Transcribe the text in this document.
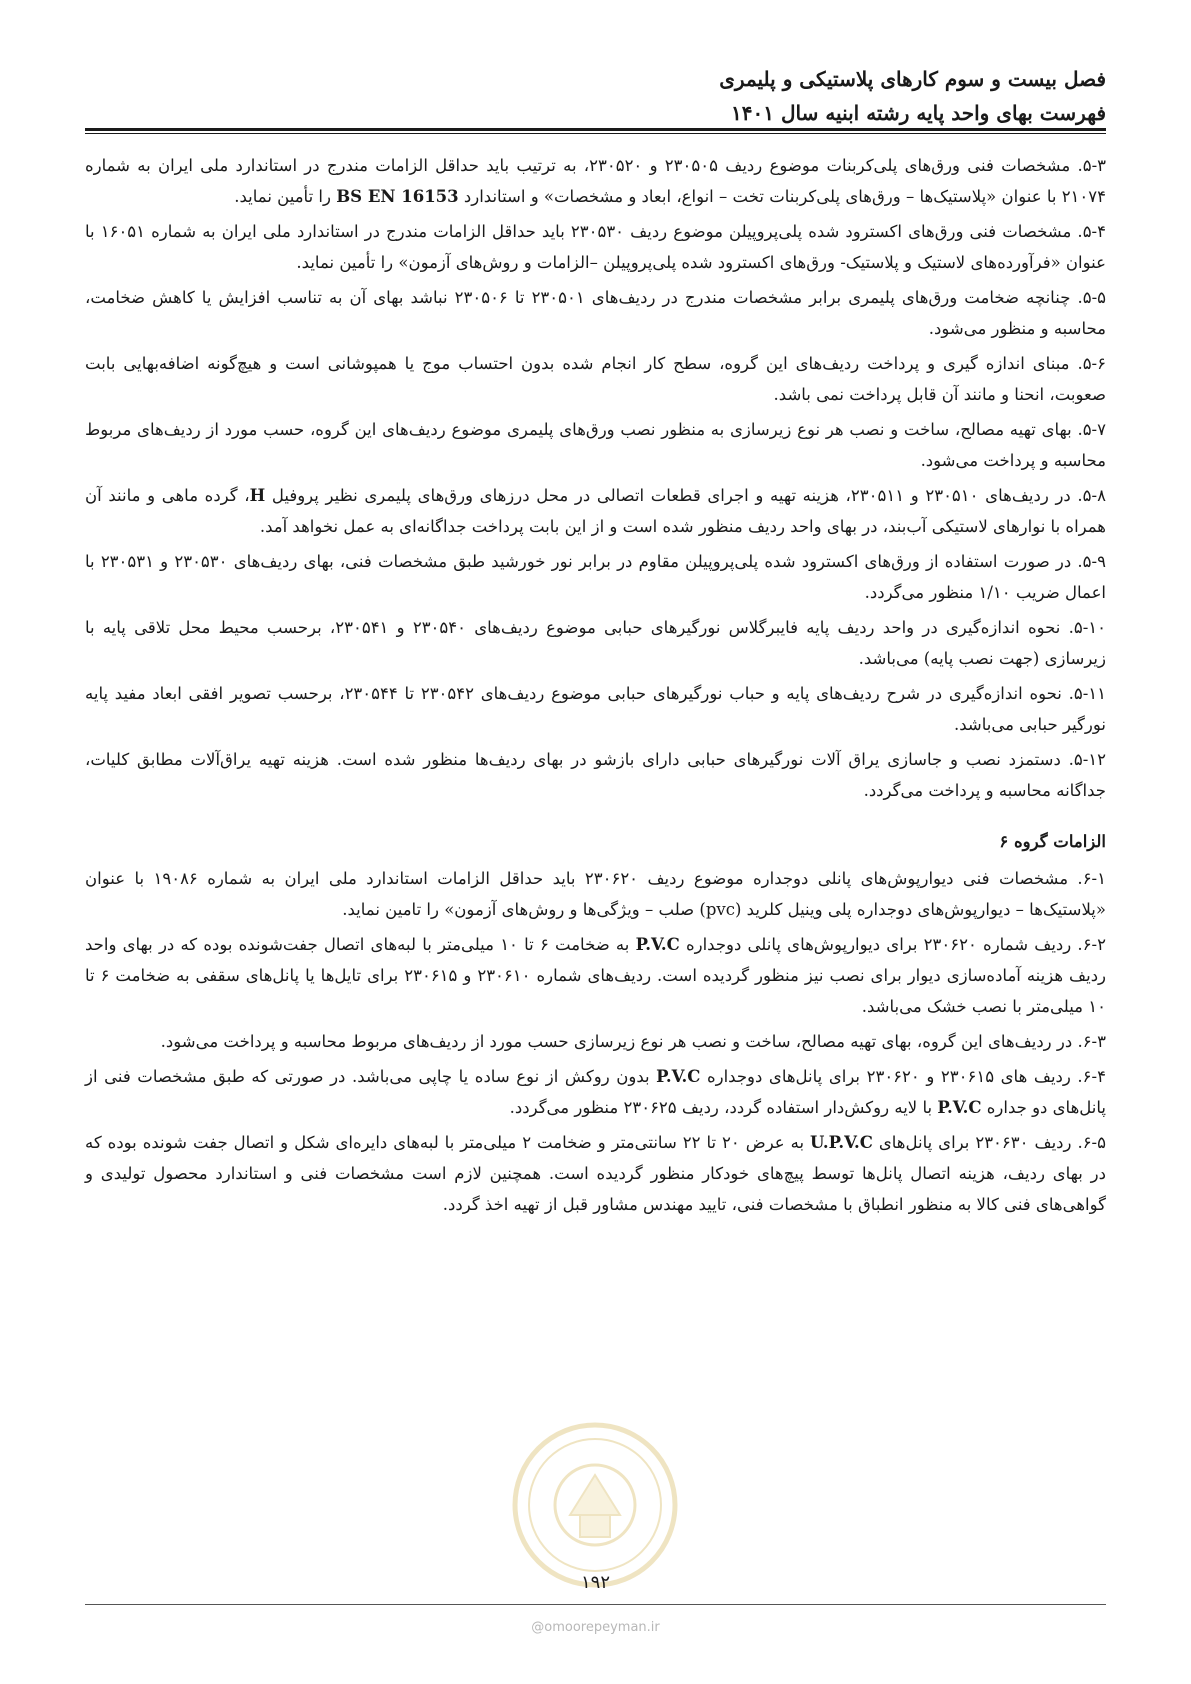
فصل بیست و سوم کارهای پلاستیکی و پلیمری
فهرست بهای واحد پایه رشته ابنیه سال ۱۴۰۱

۵-۳. مشخصات فنی ورق‌های پلی‌کربنات موضوع ردیف ۲۳۰۵۰۵ و ۲۳۰۵۲۰، به ترتیب باید حداقل الزامات مندرج در استاندارد ملی ایران به شماره ۲۱۰۷۴ با عنوان «پلاستیک‌ها – ورق‌های پلی‌کربنات تخت – انواع، ابعاد و مشخصات» و استاندارد BS EN 16153 را تأمین نماید.

۵-۴. مشخصات فنی ورق‌های اکسترود شده پلی‌پروپیلن موضوع ردیف ۲۳۰۵۳۰ باید حداقل الزامات مندرج در استاندارد ملی ایران به شماره ۱۶۰۵۱ با عنوان «فرآورده‌های لاستیک و پلاستیک- ورق‌های اکسترود شده پلی‌پروپیلن –الزامات و روش‌های آزمون» را تأمین نماید.

۵-۵. چنانچه ضخامت ورق‌های پلیمری برابر مشخصات مندرج در ردیف‌های ۲۳۰۵۰۱ تا ۲۳۰۵۰۶ نباشد بهای آن به تناسب افزایش یا کاهش ضخامت، محاسبه و منظور می‌شود.

۵-۶. مبنای اندازه گیری و پرداخت ردیف‌های این گروه، سطح کار انجام شده بدون احتساب موج یا همپوشانی است و هیچ‌گونه اضافه‌بهایی بابت صعوبت، انحنا و مانند آن قابل پرداخت نمی باشد.

۵-۷. بهای تهیه مصالح، ساخت و نصب هر نوع زیرسازی به منظور نصب ورق‌های پلیمری موضوع ردیف‌های این گروه، حسب مورد از ردیف‌های مربوط محاسبه و پرداخت می‌شود.

۵-۸. در ردیف‌های ۲۳۰۵۱۰ و ۲۳۰۵۱۱، هزینه تهیه و اجرای قطعات اتصالی در محل درزهای ورق‌های پلیمری نظیر پروفیل H، گرده ماهی و مانند آن همراه با نوارهای لاستیکی آب‌بند، در بهای واحد ردیف منظور شده است و از این بابت پرداخت جداگانه‌ای به عمل نخواهد آمد.

۵-۹. در صورت استفاده از ورق‌های اکسترود شده پلی‌پروپیلن مقاوم در برابر نور خورشید طبق مشخصات فنی، بهای ردیف‌های ۲۳۰۵۳۰ و ۲۳۰۵۳۱ با اعمال ضریب ۱/۱۰ منظور می‌گردد.

۵-۱۰. نحوه اندازه‌گیری در واحد ردیف پایه فایبرگلاس نورگیرهای حبابی موضوع ردیف‌های ۲۳۰۵۴۰ و ۲۳۰۵۴۱، برحسب محیط محل تلاقی پایه با زیرسازی (جهت نصب پایه) می‌باشد.

۵-۱۱. نحوه اندازه‌گیری در شرح ردیف‌های پایه و حباب نورگیرهای حبابی موضوع ردیف‌های ۲۳۰۵۴۲ تا ۲۳۰۵۴۴، برحسب تصویر افقی ابعاد مفید پایه نورگیر حبابی می‌باشد.

۵-۱۲. دستمزد نصب و جاسازی یراق آلات نورگیرهای حبابی دارای بازشو در بهای ردیف‌ها منظور شده است. هزینه تهیه یراق‌آلات مطابق کلیات، جداگانه محاسبه و پرداخت می‌گردد.

الزامات گروه ۶

۶-۱. مشخصات فنی دیوارپوش‌های پانلی دوجداره موضوع ردیف ۲۳۰۶۲۰ باید حداقل الزامات استاندارد ملی ایران به شماره ۱۹۰۸۶ با عنوان «پلاستیک‌ها – دیوارپوش‌های دوجداره پلی وینیل کلرید (pvc) صلب – ویژگی‌ها و روش‌های آزمون» را تامین نماید.

۶-۲. ردیف شماره ۲۳۰۶۲۰ برای دیوارپوش‌های پانلی دوجداره P.V.C به ضخامت ۶ تا ۱۰ میلی‌متر با لبه‌های اتصال جفت‌شونده بوده که در بهای واحد ردیف هزینه آماده‌سازی دیوار برای نصب نیز منظور گردیده است. ردیف‌های شماره ۲۳۰۶۱۰ و ۲۳۰۶۱۵ برای تایل‌ها یا پانل‌های سقفی به ضخامت ۶ تا ۱۰ میلی‌متر با نصب خشک می‌باشد.

۶-۳. در ردیف‌های این گروه، بهای تهیه مصالح، ساخت و نصب هر نوع زیرسازی حسب مورد از ردیف‌های مربوط محاسبه و پرداخت می‌شود.

۶-۴. ردیف های ۲۳۰۶۱۵ و ۲۳۰۶۲۰ برای پانل‌های دوجداره P.V.C بدون روکش از نوع ساده یا چاپی می‌باشد. در صورتی که طبق مشخصات فنی از پانل‌های دو جداره P.V.C با لایه روکش‌دار استفاده گردد، ردیف ۲۳۰۶۲۵ منظور می‌گردد.

۶-۵. ردیف ۲۳۰۶۳۰ برای پانل‌های U.P.V.C به عرض ۲۰ تا ۲۲ سانتی‌متر و ضخامت ۲ میلی‌متر با لبه‌های دایره‌ای شکل و اتصال جفت شونده بوده که در بهای ردیف، هزینه اتصال پانل‌ها توسط پیچ‌های خودکار منظور گردیده است. همچنین لازم است مشخصات فنی و استاندارد محصول تولیدی و گواهی‌های فنی کالا به منظور انطباق با مشخصات فنی، تایید مهندس مشاور قبل از تهیه اخذ گردد.

۱۹۲
@omoorepeyman.ir
